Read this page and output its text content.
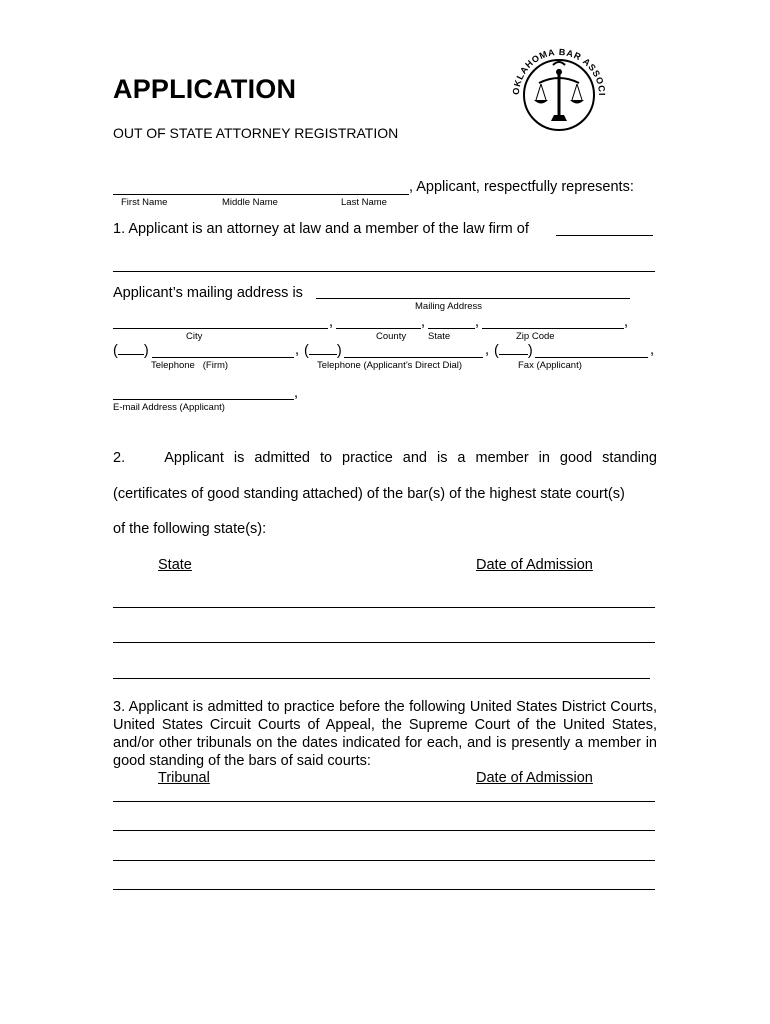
APPLICATION
OUT OF STATE ATTORNEY REGISTRATION
OKLAHOMA BAR ASSOCI
, Applicant, respectfully represents:
First Name	Middle Name	Last Name
1. Applicant is an attorney at law and a member of the law firm of
Applicant’s mailing address is
Mailing Address
,	,	,	,
City	County State	Zip Code
( )	, ( )	, ( )	,
Telephone   (Firm)	Telephone (Applicant’s Direct Dial)	Fax (Applicant)
,
E-mail Address (Applicant)
2.    Applicant is admitted to practice and is a member in good standing
(certificates of good standing attached) of the bar(s) of the highest state court(s)
of the following state(s):
State	Date of Admission
3. Applicant is admitted to practice before the following United States District Courts, United States Circuit Courts of Appeal, the Supreme Court of the United States, and/or other tribunals on the dates indicated for each, and is presently a member in good standing of the bars of said courts:
Tribunal	Date of Admission
